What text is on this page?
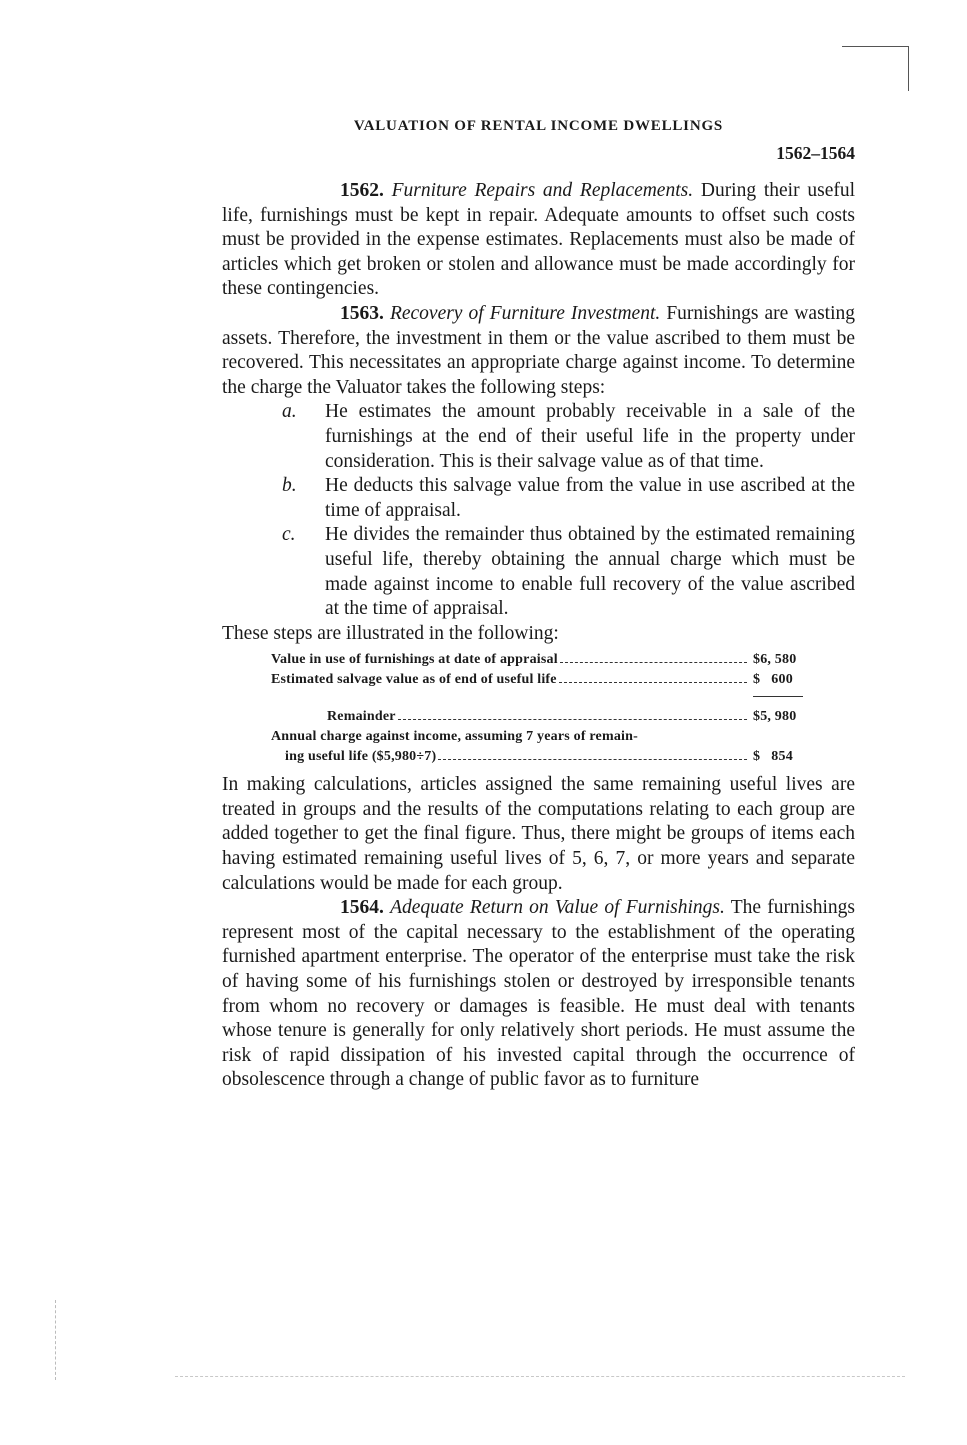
VALUATION OF RENTAL INCOME DWELLINGS
1562–1564

1562. Furniture Repairs and Replacements. During their useful life, furnishings must be kept in repair. Adequate amounts to offset such costs must be provided in the expense estimates. Replacements must also be made of articles which get broken or stolen and allowance must be made accordingly for these contingencies.

1563. Recovery of Furniture Investment. Furnishings are wasting assets. Therefore, the investment in them or the value ascribed to them must be recovered. This necessitates an appropriate charge against income. To determine the charge the Valuator takes the following steps:

a. He estimates the amount probably receivable in a sale of the furnishings at the end of their useful life in the property under consideration. This is their salvage value as of that time.

b. He deducts this salvage value from the value in use ascribed at the time of appraisal.

c. He divides the remainder thus obtained by the estimated remaining useful life, thereby obtaining the annual charge which must be made against income to enable full recovery of the value ascribed at the time of appraisal.

These steps are illustrated in the following:

Value in use of furnishings at date of appraisal	$6, 580
Estimated salvage value as of end of useful life	$   600
Remainder	$5, 980
Annual charge against income, assuming 7 years of remain-
ing useful life ($5,980÷7)	$   854

In making calculations, articles assigned the same remaining useful lives are treated in groups and the results of the computations relating to each group are added together to get the final figure. Thus, there might be groups of items each having estimated remaining useful lives of 5, 6, 7, or more years and separate calculations would be made for each group.

1564. Adequate Return on Value of Furnishings. The furnishings represent most of the capital necessary to the establishment of the operating furnished apartment enterprise. The operator of the enterprise must take the risk of having some of his furnishings stolen or destroyed by irresponsible tenants from whom no recovery or damages is feasible. He must deal with tenants whose tenure is generally for only relatively short periods. He must assume the risk of rapid dissipation of his invested capital through the occurrence of obsolescence through a change of public favor as to furniture
